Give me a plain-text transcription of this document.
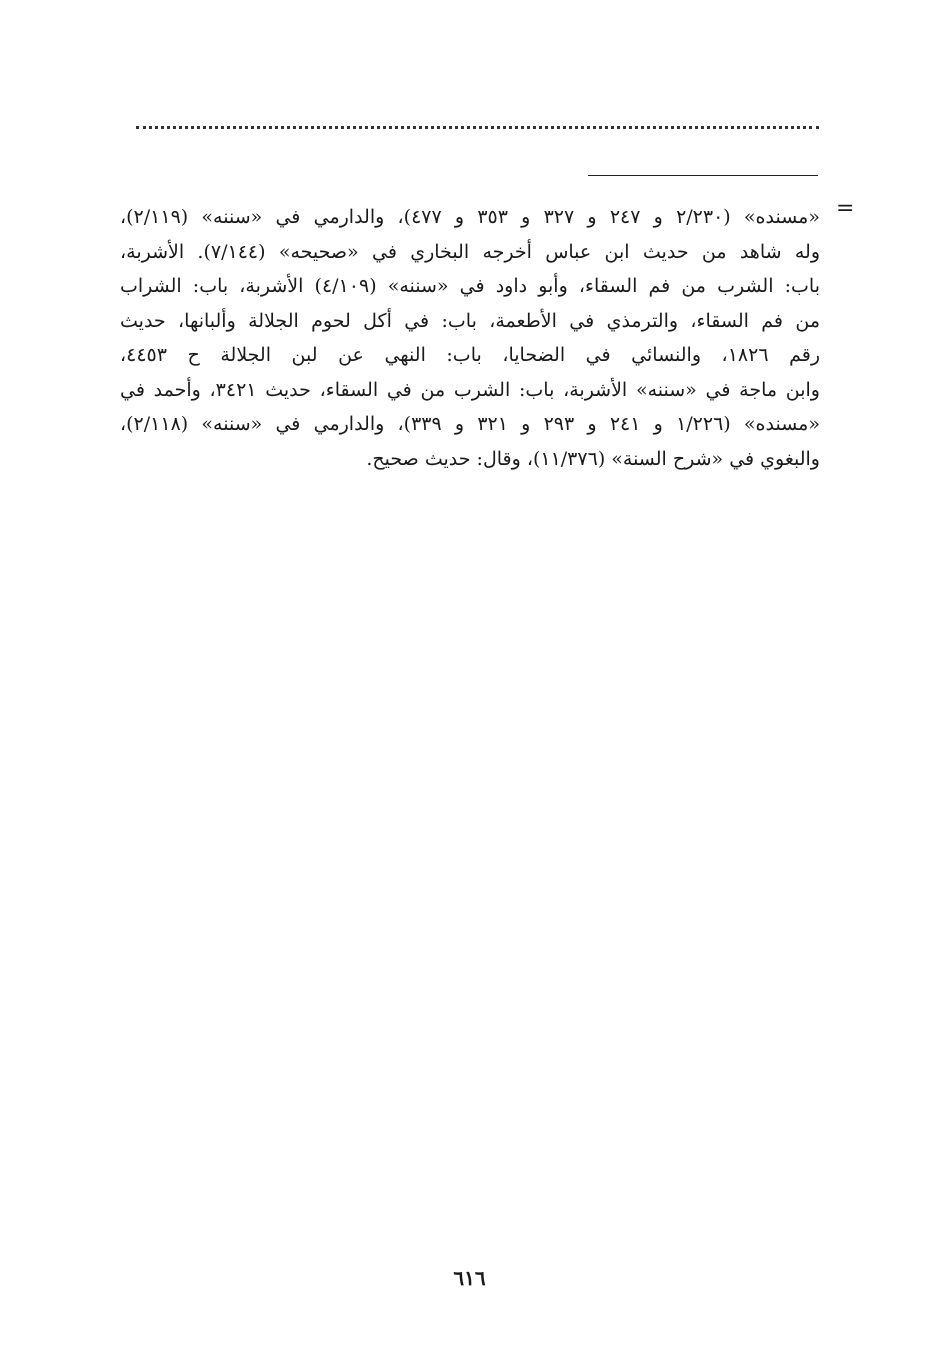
=
«مسنده» (٢/٢٣٠ و ٢٤٧ و ٣٢٧ و ٣٥٣ و ٤٧٧)، والدارمي في «سننه» (٢/١١٩)،
وله شاهد من حديث ابن عباس أخرجه البخاري في «صحيحه» (٧/١٤٤). الأشربة،
باب: الشرب من فم السقاء، وأبو داود في «سننه» (٤/١٠٩) الأشربة، باب: الشراب
من فم السقاء، والترمذي في الأطعمة، باب: في أكل لحوم الجلالة وألبانها، حديث
رقم ١٨٢٦، والنسائي في الضحايا، باب: النهي عن لبن الجلالة ح ٤٤٥٣،
وابن ماجة في «سننه» الأشربة، باب: الشرب من في السقاء، حديث ٣٤٢١، وأحمد في
«مسنده» (١/٢٢٦ و ٢٤١ و ٢٩٣ و ٣٢١ و ٣٣٩)، والدارمي في «سننه» (٢/١١٨)،
والبغوي في «شرح السنة» (١١/٣٧٦)، وقال: حديث صحيح.
٦١٦
